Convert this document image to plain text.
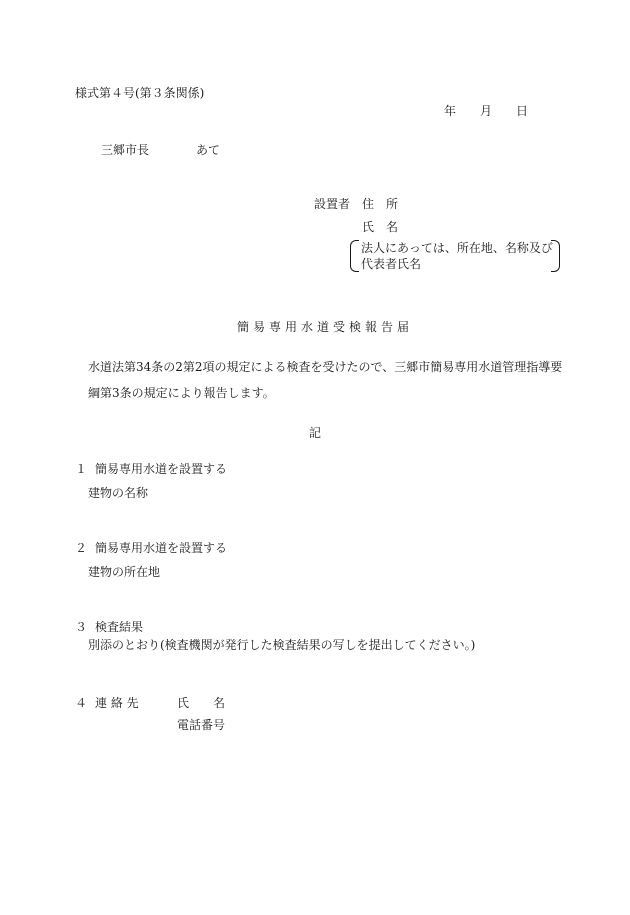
様式第４号(第３条関係)
年 月 日
三郷市長	あて
設置者 住　所
氏　名
法人にあっては、所在地、名称及び
代表者氏名
簡易専用水道受検報告届
水道法第34条の2第2項の規定による検査を受けたので、三郷市簡易専用水道管理指導要
綱第3条の規定により報告します。
記
１ 簡易専用水道を設置する
建物の名称
２ 簡易専用水道を設置する
建物の所在地
３ 検査結果
別添のとおり(検査機関が発行した検査結果の写しを提出してください。)
４ 連 絡 先	氏　　名
電話番号
